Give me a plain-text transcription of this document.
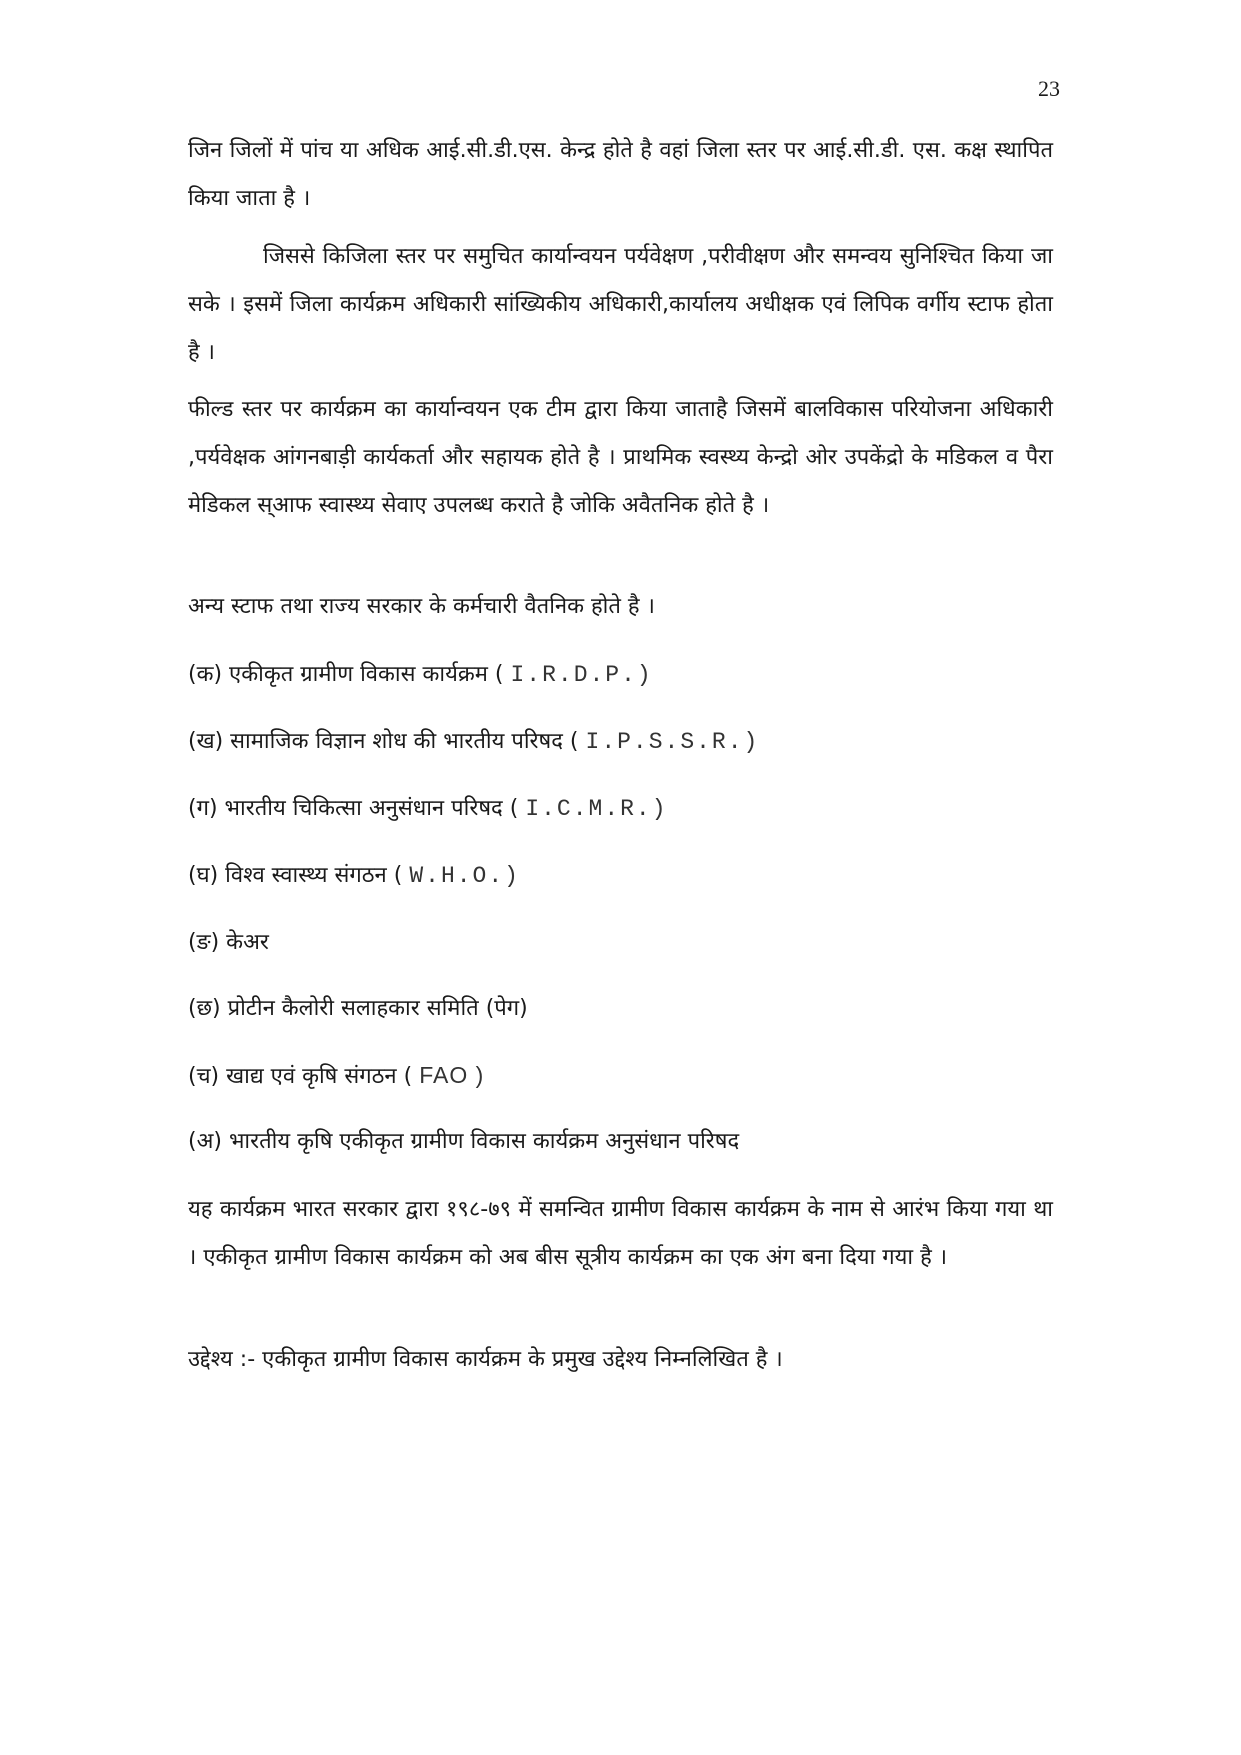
23
जिन जिलों में पांच या अधिक आई.सी.डी.एस. केन्द्र होते है वहां जिला स्तर पर आई.सी.डी. एस. कक्ष स्थापित किया जाता है ।
जिससे किजिला स्तर पर समुचित कार्यान्वयन पर्यवेक्षण ,परीवीक्षण और समन्वय सुनिश्चित किया जा सके । इसमें जिला कार्यक्रम अधिकारी सांख्यिकीय अधिकारी,कार्यालय अधीक्षक एवं लिपिक वर्गीय स्टाफ होता है ।
फील्ड स्तर पर कार्यक्रम का कार्यान्वयन एक टीम द्वारा किया जाताहै जिसमें बालविकास परियोजना अधिकारी ,पर्यवेक्षक आंगनबाड़ी कार्यकर्ता और सहायक होते है । प्राथमिक स्वस्थ्य केन्द्रो ओर उपकेंद्रो के मडिकल व पैरा मेडिकल स्आफ स्वास्थ्य सेवाए उपलब्ध कराते है जोकि अवैतनिक होते है ।
अन्य स्टाफ तथा राज्य सरकार के कर्मचारी वैतनिक होते है ।
(क) एकीकृत ग्रामीण विकास कार्यक्रम ( I.R.D.P.)
(ख) सामाजिक विज्ञान शोध की भारतीय परिषद ( I.P.S.S.R.)
(ग) भारतीय चिकित्सा अनुसंधान परिषद ( I.C.M.R.)
(घ) विश्व स्वास्थ्य संगठन ( W.H.O.)
(ङ) केअर
(छ) प्रोटीन कैलोरी सलाहकार समिति (पेग)
(च) खाद्य एवं कृषि संगठन ( FAO )
(अ) भारतीय कृषि एकीकृत ग्रामीण विकास कार्यक्रम अनुसंधान परिषद
यह कार्यक्रम भारत सरकार द्वारा १९८-७९ में समन्वित ग्रामीण विकास कार्यक्रम के नाम से आरंभ किया गया था । एकीकृत ग्रामीण विकास कार्यक्रम को अब बीस सूत्रीय कार्यक्रम का एक अंग बना दिया गया है ।
उद्देश्य :- एकीकृत ग्रामीण विकास कार्यक्रम के प्रमुख उद्देश्य निम्नलिखित है ।
